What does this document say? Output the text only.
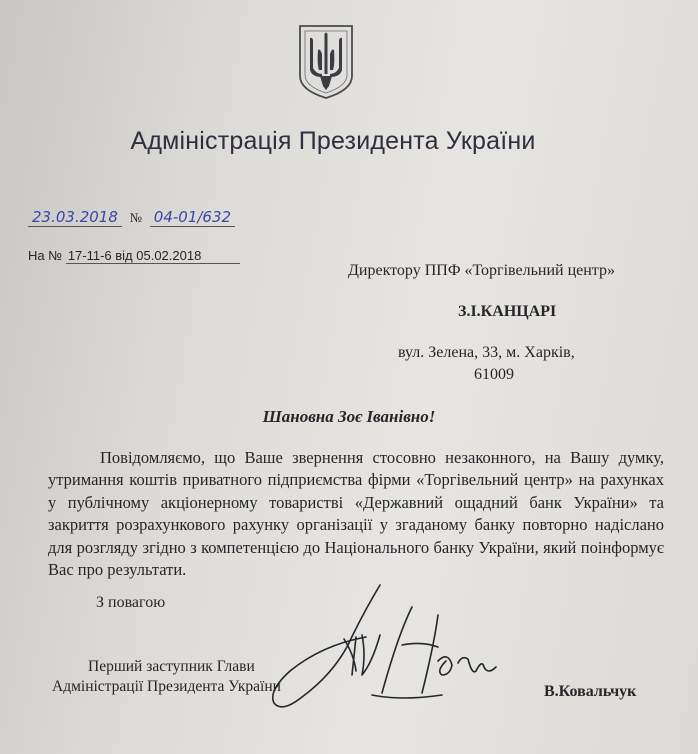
Адміністрація Президента України
23.03.2018 № 04-01/632
На № 17-11-6 від 05.02.2018
Директору ППФ «Торгівельний центр»
З.І.КАНЦАРІ
вул. Зелена, 33, м. Харків,
61009
Шановна Зоє Іванівно!
Повідомляємо, що Ваше звернення стосовно незаконного, на Вашу думку, утримання коштів приватного підприємства фірми «Торгівельний центр» на рахунках у публічному акціонерному товаристві «Державний ощадний банк України» та закриття розрахункового рахунку організації у згаданому банку повторно надіслано для розгляду згідно з компетенцією до Національного банку України, який поінформує Вас про результати.
З повагою
Перший заступник Глави
Адміністрації Президента України	В.Ковальчук
